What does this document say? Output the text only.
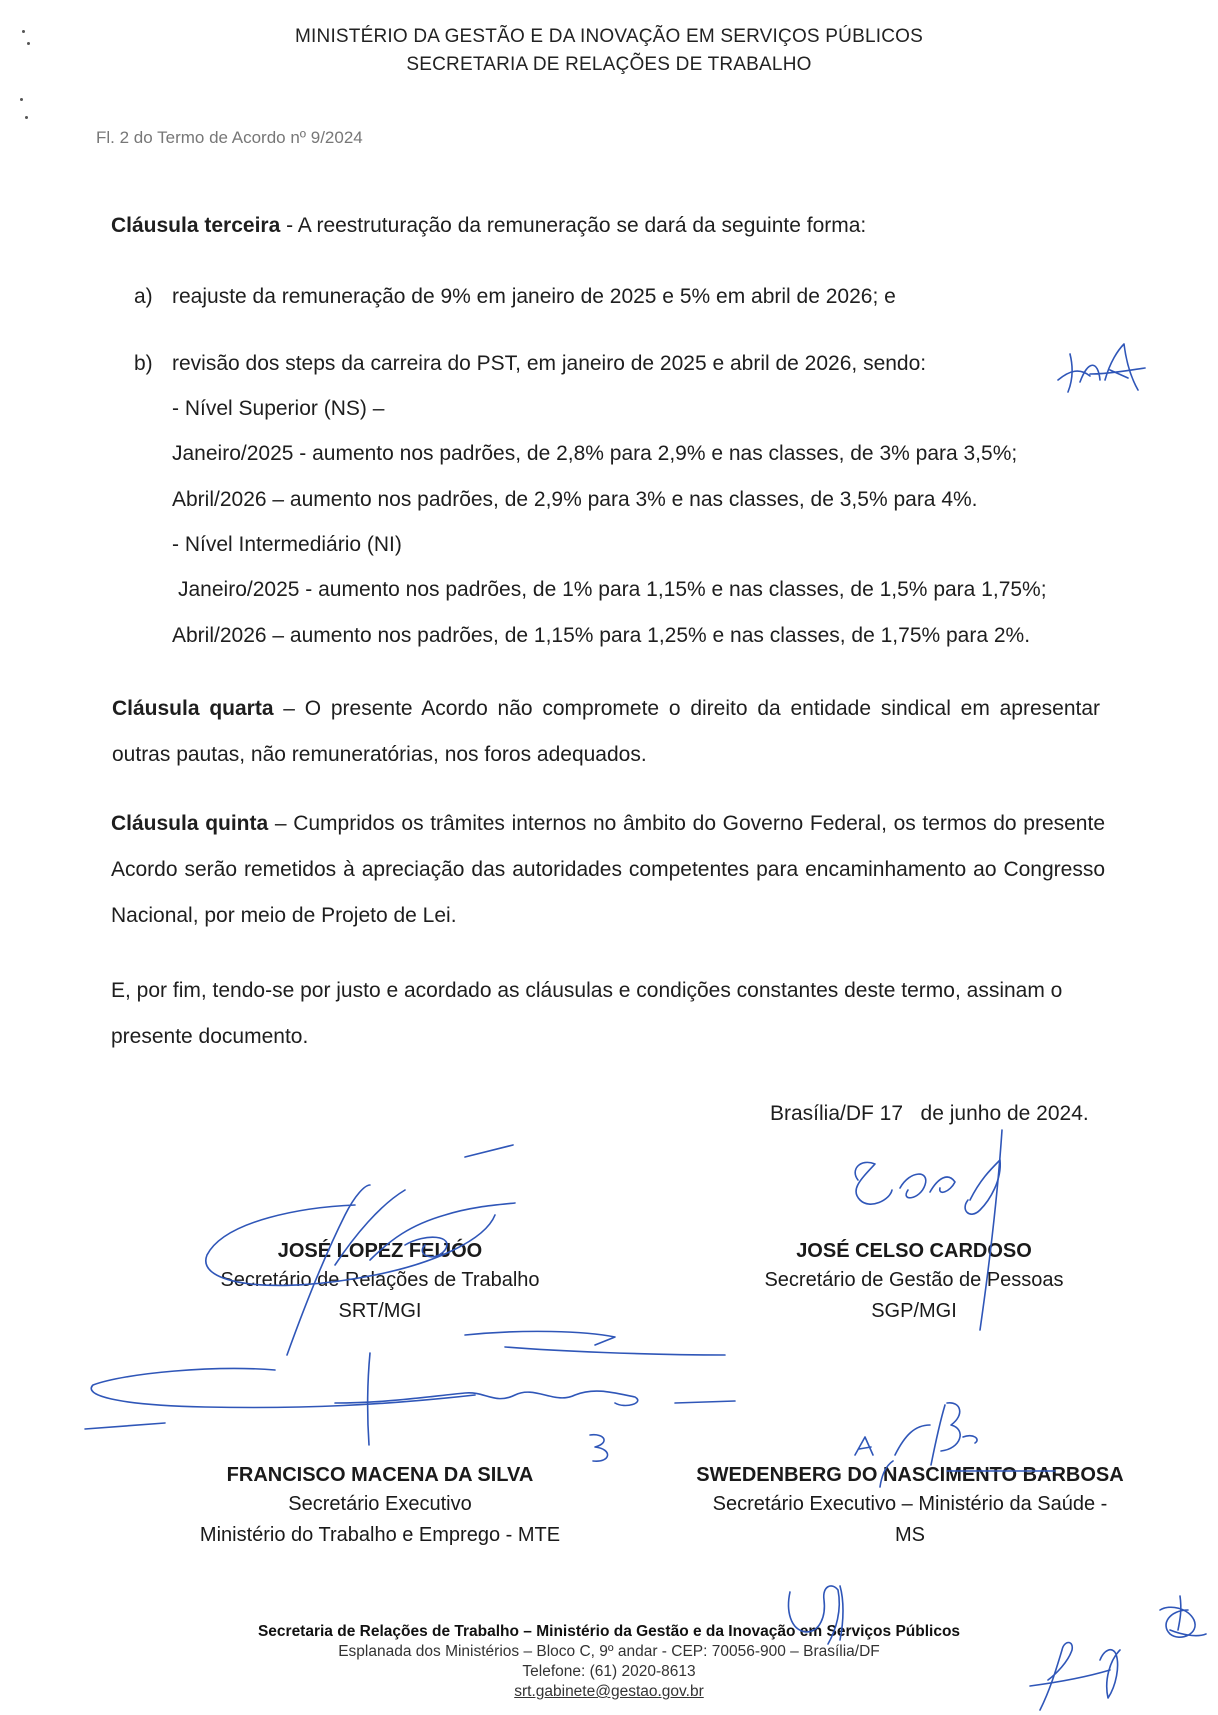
MINISTÉRIO DA GESTÃO E DA INOVAÇÃO EM SERVIÇOS PÚBLICOS
SECRETARIA DE RELAÇÕES DE TRABALHO
Fl. 2 do Termo de Acordo nº 9/2024
Cláusula terceira - A reestruturação da remuneração se dará da seguinte forma:
a) reajuste da remuneração de 9% em janeiro de 2025 e 5% em abril de 2026; e
b) revisão dos steps da carreira do PST, em janeiro de 2025 e abril de 2026, sendo:
- Nível Superior (NS) –
Janeiro/2025 - aumento nos padrões, de 2,8% para 2,9% e nas classes, de 3% para 3,5%;
Abril/2026 – aumento nos padrões, de 2,9% para 3% e nas classes, de 3,5% para 4%.
- Nível Intermediário (NI)
Janeiro/2025 - aumento nos padrões, de 1% para 1,15% e nas classes, de 1,5% para 1,75%;
Abril/2026 – aumento nos padrões, de 1,15% para 1,25% e nas classes, de 1,75% para 2%.
Cláusula quarta – O presente Acordo não compromete o direito da entidade sindical em apresentar outras pautas, não remuneratórias, nos foros adequados.
Cláusula quinta – Cumpridos os trâmites internos no âmbito do Governo Federal, os termos do presente Acordo serão remetidos à apreciação das autoridades competentes para encaminhamento ao Congresso Nacional, por meio de Projeto de Lei.
E, por fim, tendo-se por justo e acordado as cláusulas e condições constantes deste termo, assinam o presente documento.
Brasília/DF 17   de junho de 2024.
JOSÉ LOPEZ FEIJÓO
Secretário de Relações de Trabalho
SRT/MGI
JOSÉ CELSO CARDOSO
Secretário de Gestão de Pessoas
SGP/MGI
FRANCISCO MACENA DA SILVA
Secretário Executivo
Ministério do Trabalho e Emprego - MTE
SWEDENBERG DO NASCIMENTO BARBOSA
Secretário Executivo – Ministério da Saúde -
MS
Secretaria de Relações de Trabalho – Ministério da Gestão e da Inovação em Serviços Públicos
Esplanada dos Ministérios – Bloco C, 9º andar - CEP: 70056-900 – Brasília/DF
Telefone: (61) 2020-8613
srt.gabinete@gestao.gov.br
